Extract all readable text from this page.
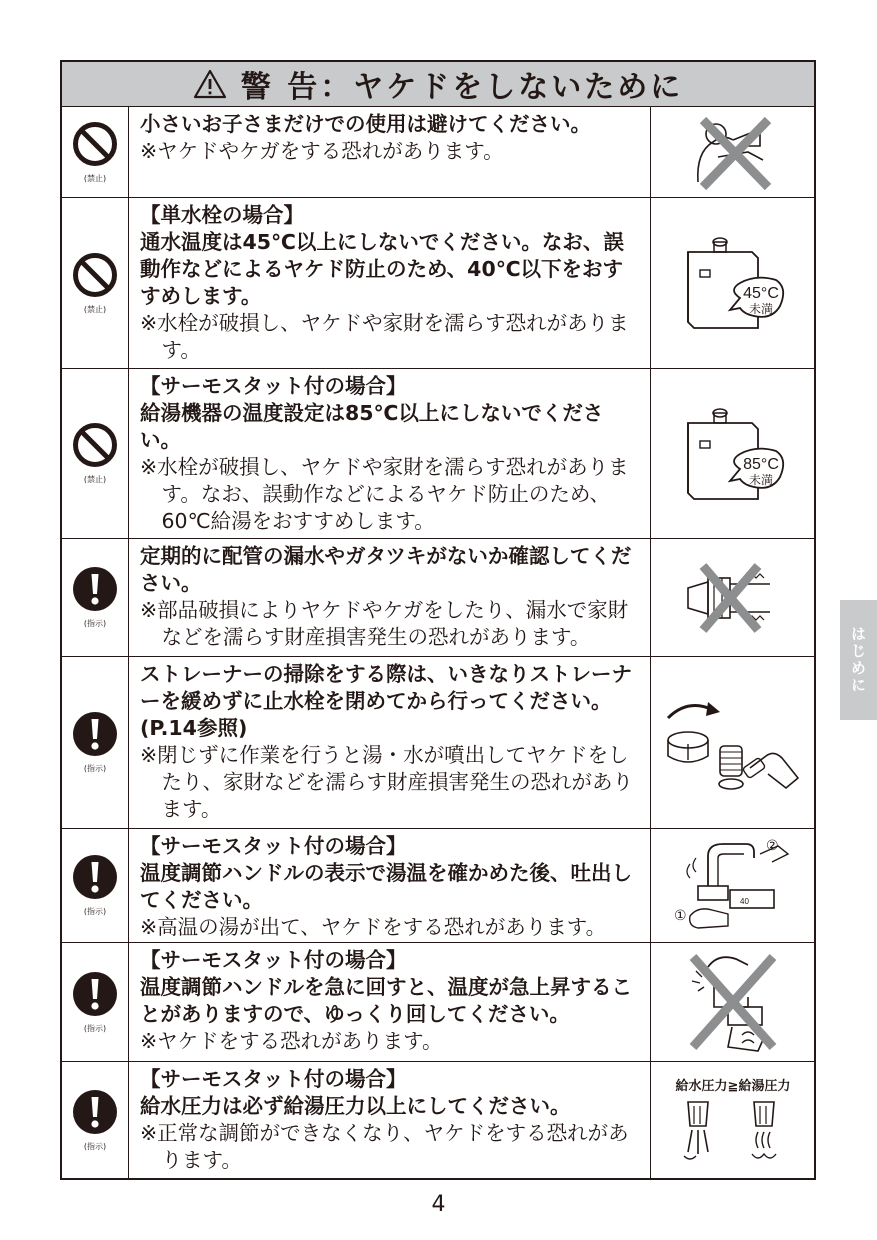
警 告：ヤケドをしないために
(禁止)
小さいお子さまだけでの使用は避けてください。
※ヤケドやケガをする恐れがあります。
(禁止)
【単水栓の場合】
通水温度は45℃以上にしないでください。なお、誤動作などによるヤケド防止のため、40℃以下をおすすめします。
※水栓が破損し、ヤケドや家財を濡らす恐れがあります。
45°C
未満
(禁止)
【サーモスタット付の場合】
給湯機器の温度設定は85℃以上にしないでください。
※水栓が破損し、ヤケドや家財を濡らす恐れがあります。なお、誤動作などによるヤケド防止のため、60℃給湯をおすすめします。
85°C
未満
(指示)
定期的に配管の漏水やガタツキがないか確認してください。
※部品破損によりヤケドやケガをしたり、漏水で家財などを濡らす財産損害発生の恐れがあります。
(指示)
ストレーナーの掃除をする際は、いきなりストレーナーを緩めずに止水栓を閉めてから行ってください。(P.14参照)
※閉じずに作業を行うと湯・水が噴出してヤケドをしたり、家財などを濡らす財産損害発生の恐れがあります。
(指示)
【サーモスタット付の場合】
温度調節ハンドルの表示で湯温を確かめた後、吐出してください。
※高温の湯が出て、ヤケドをする恐れがあります。
40
②
①
(指示)
【サーモスタット付の場合】
温度調節ハンドルを急に回すと、温度が急上昇することがありますので、ゆっくり回してください。
※ヤケドをする恐れがあります。
(指示)
【サーモスタット付の場合】
給水圧力は必ず給湯圧力以上にしてください。
※正常な調節ができなくなり、ヤケドをする恐れがあります。
給水圧力≧給湯圧力
はじめに
4
